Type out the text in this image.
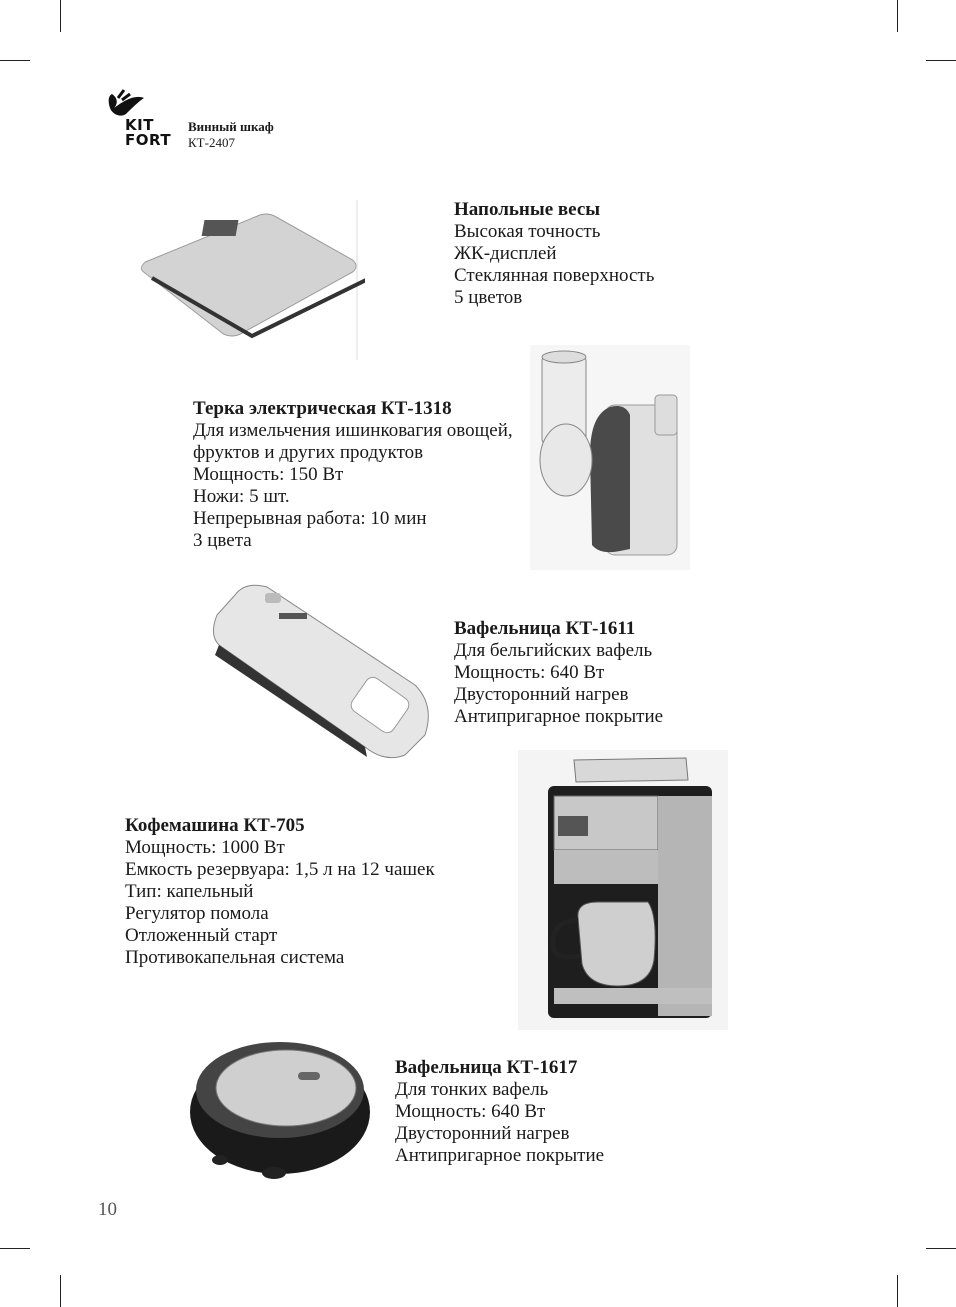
KIT
FORT
Винный шкаф
КТ-2407
Напольные весы
Высокая точность
ЖК-дисплей
Стеклянная поверхность
5 цветов
Терка электрическая КТ-1318
Для измельчения ишинковагия овощей,
фруктов и других продуктов
Мощность: 150 Вт
Ножи: 5 шт.
Непрерывная работа: 10 мин
3 цвета
Вафельница КТ-1611
Для бельгийских вафель
Мощность: 640 Вт
Двусторонний нагрев
Антипригарное покрытие
Кофемашина КТ-705
Мощность: 1000 Вт
Емкость резервуара: 1,5 л на 12 чашек
Тип: капельный
Регулятор помола
Отложенный старт
Противокапельная система
Вафельница КТ-1617
Для тонких вафель
Мощность: 640 Вт
Двусторонний нагрев
Антипригарное покрытие
10
